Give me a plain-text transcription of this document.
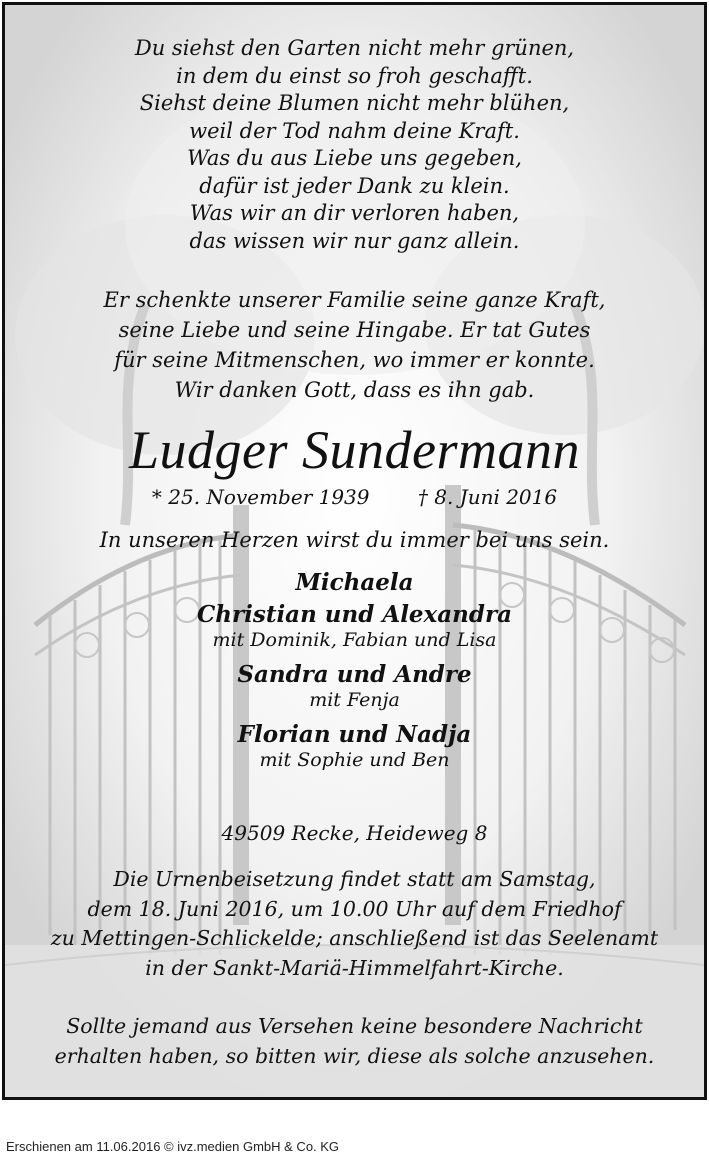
Du siehst den Garten nicht mehr grünen,
in dem du einst so froh geschafft.
Siehst deine Blumen nicht mehr blühen,
weil der Tod nahm deine Kraft.
Was du aus Liebe uns gegeben,
dafür ist jeder Dank zu klein.
Was wir an dir verloren haben,
das wissen wir nur ganz allein.
Er schenkte unserer Familie seine ganze Kraft,
seine Liebe und seine Hingabe. Er tat Gutes
für seine Mitmenschen, wo immer er konnte.
Wir danken Gott, dass es ihn gab.
Ludger Sundermann
* 25. November 1939 † 8. Juni 2016
In unseren Herzen wirst du immer bei uns sein.
Michaela
Christian und Alexandra
mit Dominik, Fabian und Lisa
Sandra und Andre
mit Fenja
Florian und Nadja
mit Sophie und Ben
49509 Recke, Heideweg 8
Die Urnenbeisetzung findet statt am Samstag,
dem 18. Juni 2016, um 10.00 Uhr auf dem Friedhof
zu Mettingen-Schlickelde; anschließend ist das Seelenamt
in der Sankt-Mariä-Himmelfahrt-Kirche.
Sollte jemand aus Versehen keine besondere Nachricht
erhalten haben, so bitten wir, diese als solche anzusehen.
Erschienen am 11.06.2016 © ivz.medien GmbH & Co. KG
